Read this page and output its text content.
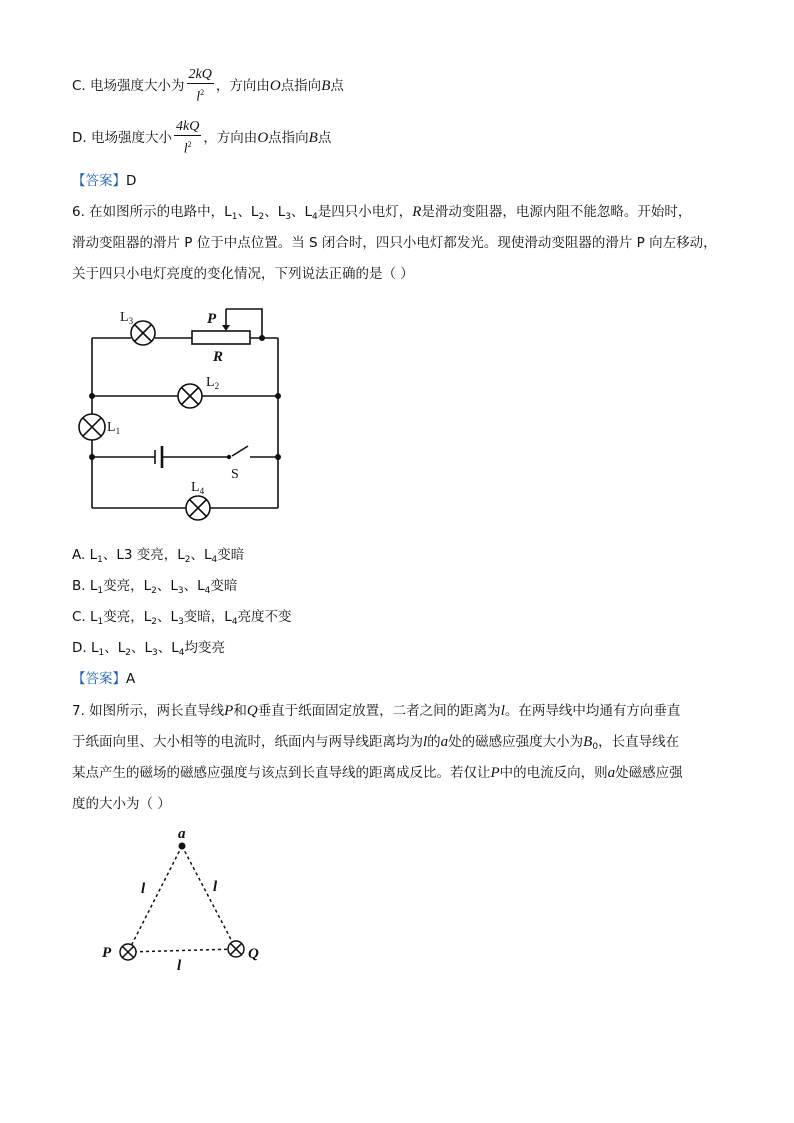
C. 电场强度大小为 $\frac{2kQ}{l^2}$ ，方向由O点指向B点
D. 电场强度大小 $\frac{4kQ}{l^2}$ ，方向由O点指向B点
【答案】D
6. 在如图所示的电路中，$L_1$、$L_2$、$L_3$、$L_4$是四只小电灯，R是滑动变阻器，电源内阻不能忽略。开始时，
滑动变阻器的滑片 P 位于中点位置。当 S 闭合时，四只小电灯都发光。现使滑动变阻器的滑片 P 向左移动，
关于四只小电灯亮度的变化情况，下列说法正确的是（ ）
$L_3$	P
R
$L_2$
$L_1$
S
$L_4$
A. $L_1$、L3 变亮，$L_2$、$L_4$变暗
B. $L_1$变亮，$L_2$、$L_3$、$L_4$变暗
C. $L_1$变亮，$L_2$、$L_3$变暗，$L_4$亮度不变
D. $L_1$、$L_2$、$L_3$、$L_4$均变亮
【答案】A
7. 如图所示，两长直导线P和Q垂直于纸面固定放置，二者之间的距离为l。在两导线中均通有方向垂直
于纸面向里、大小相等的电流时，纸面内与两导线距离均为l的a处的磁感应强度大小为$B_0$，长直导线在
某点产生的磁场的磁感应强度与该点到长直导线的距离成反比。若仅让P中的电流反向，则a处磁感应强
度的大小为（ ）
a
l	l
l
P	Q
